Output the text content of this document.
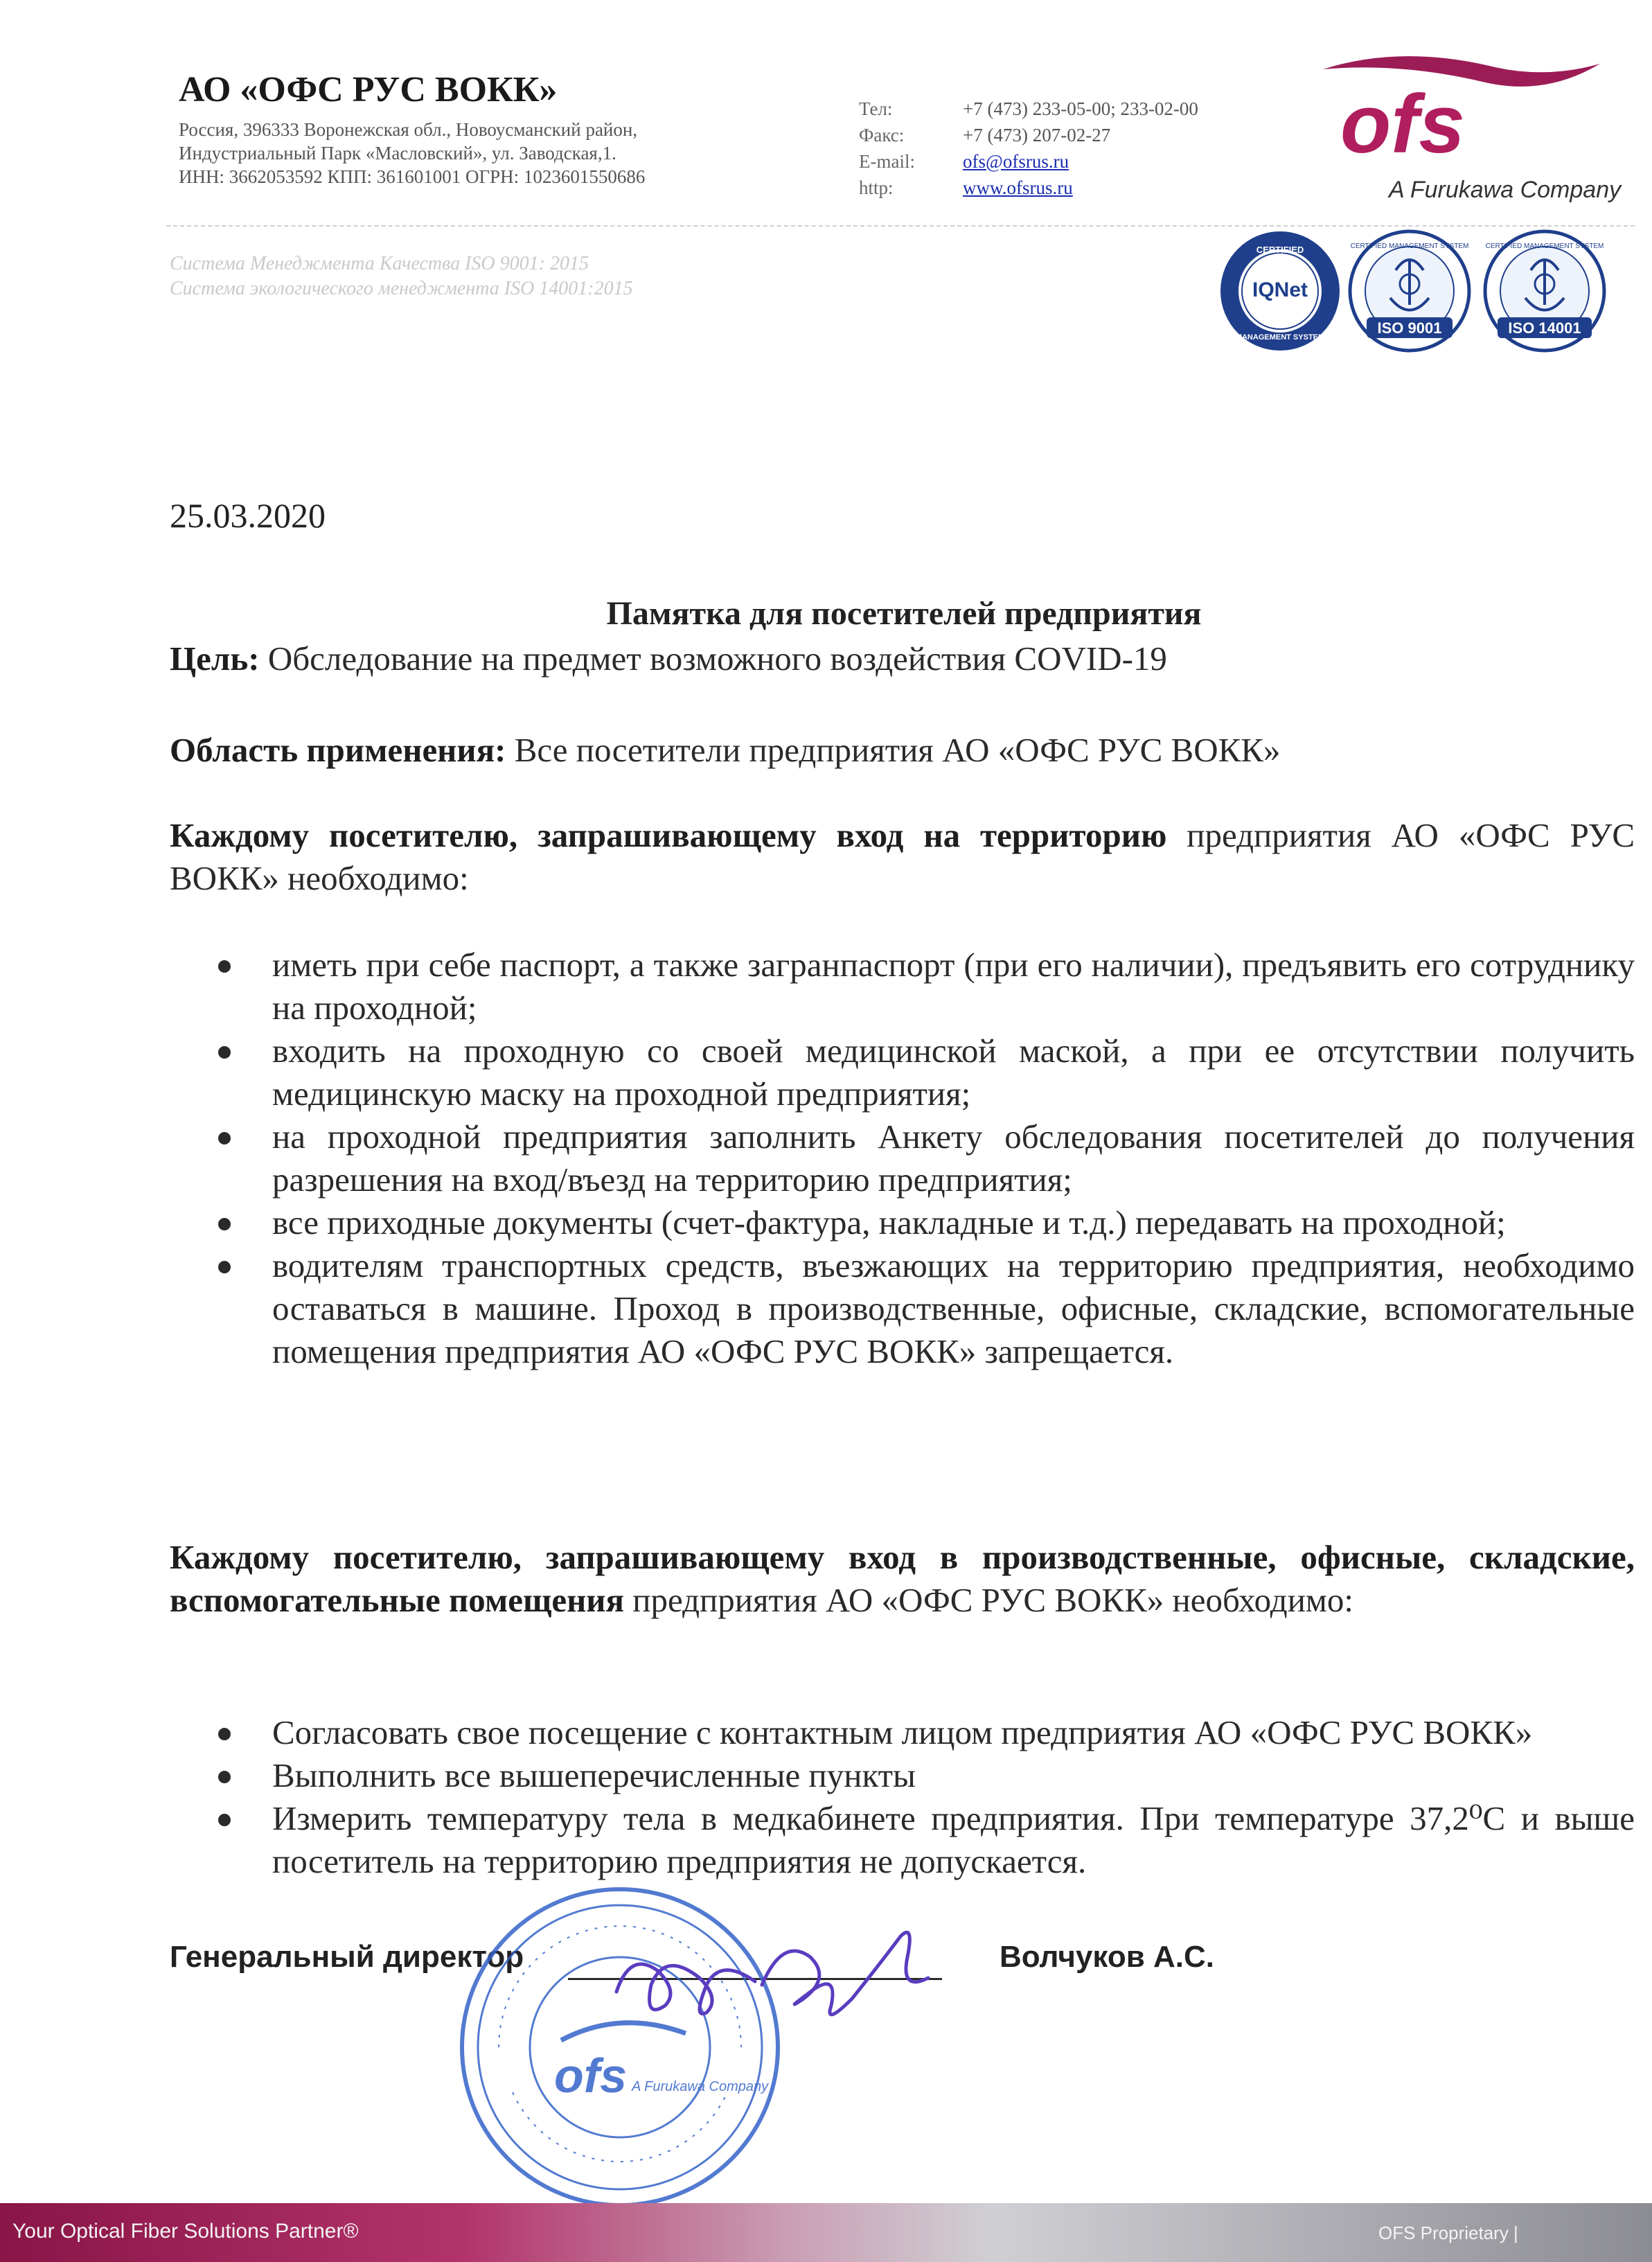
АО «ОФС РУС ВОКК»
Россия, 396333 Воронежская обл., Новоусманский район,
Индустриальный Парк «Масловский», ул. Заводская,1.
ИНН: 3662053592 КПП: 361601001 ОГРН: 1023601550686
Тел:	+7 (473) 233-05-00; 233-02-00
Факс:	+7 (473) 207-02-27
E-mail:	ofs@ofsrus.ru
http:	www.ofsrus.ru
ofs
A Furukawa Company
Система Менеджмента Качества ISO 9001: 2015
Система экологического менеджмента ISO 14001:2015
CERTIFIED
IQNet
MANAGEMENT SYSTEM
CERTIFIED MANAGEMENT SYSTEM
ISO 9001
CERTIFIED MANAGEMENT SYSTEM
ISO 14001
25.03.2020
Памятка для посетителей предприятия
Цель: Обследование на предмет возможного воздействия COVID-19
Область применения: Все посетители предприятия АО «ОФС РУС ВОКК»
Каждому посетителю, запрашивающему вход на территорию предприятия АО «ОФС РУС ВОКК» необходимо:
иметь при себе паспорт, а также загранпаспорт (при его наличии), предъявить его сотруднику на проходной;
входить на проходную со своей медицинской маской, а при ее отсутствии получить медицинскую маску на проходной предприятия;
на проходной предприятия заполнить Анкету обследования посетителей до получения разрешения на вход/въезд на территорию предприятия;
все приходные документы (счет-фактура, накладные и т.д.) передавать на проходной;
водителям транспортных средств, въезжающих на территорию предприятия, необходимо оставаться в машине. Проход в производственные, офисные, складские, вспомогательные помещения предприятия АО «ОФС РУС ВОКК» запрещается.
Каждому посетителю, запрашивающему вход в производственные, офисные, складские, вспомогательные помещения предприятия АО «ОФС РУС ВОКК» необходимо:
Согласовать свое посещение с контактным лицом предприятия АО «ОФС РУС ВОКК»
Выполнить все вышеперечисленные пункты
Измерить температуру тела в медкабинете предприятия. При температуре 37,2⁰С и выше посетитель на территорию предприятия не допускается.
Генеральный директор	Волчуков А.С.
ofs A Furukawa Company
Your Optical Fiber Solutions Partner®	OFS Proprietary |
